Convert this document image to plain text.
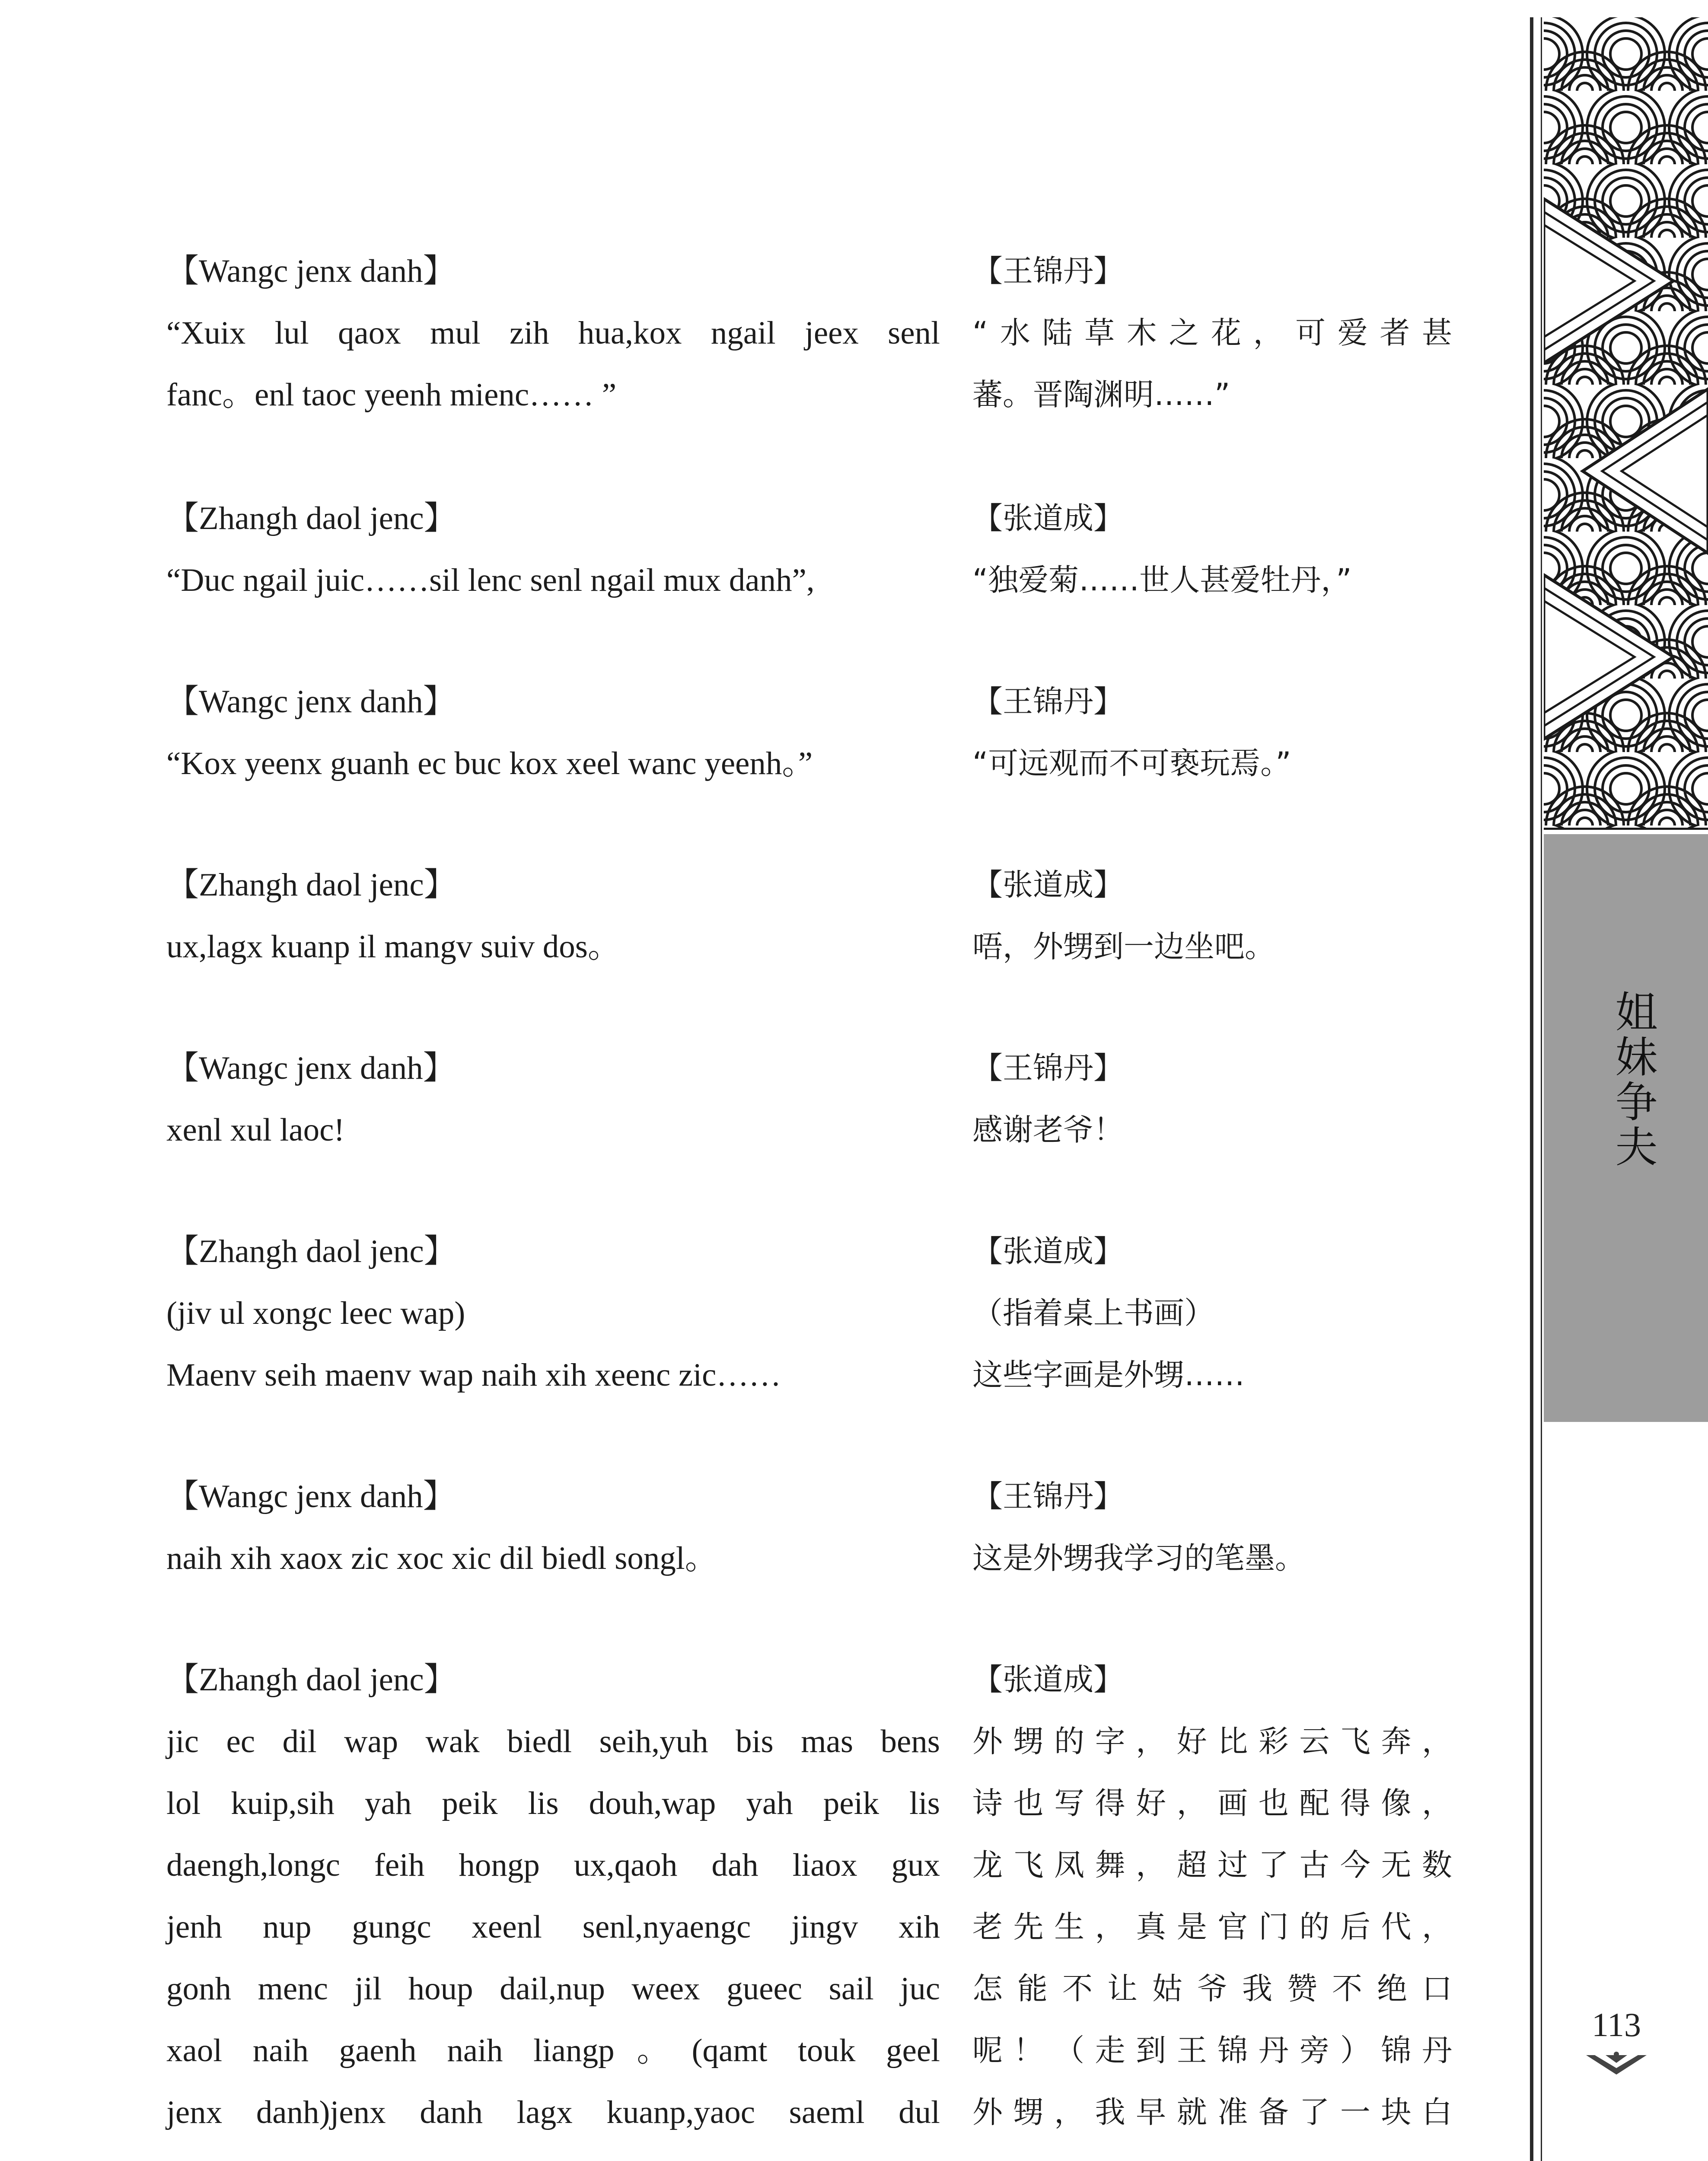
【Wangc jenx danh】
“Xuix lul qaox mul zih hua,kox ngail jeex senl
fanc。enl taoc yeenh mienc…… ”
【Zhangh daol jenc】
“Duc ngail juic……sil lenc senl ngail mux danh”,
【Wangc jenx danh】
“Kox yeenx guanh ec buc kox xeel wanc yeenh。”
【Zhangh daol jenc】
ux,lagx kuanp il mangv suiv dos。
【Wangc jenx danh】
xenl xul laoc!
【Zhangh daol jenc】
(jiv ul xongc leec wap)
Maenv seih maenv wap naih xih xeenc zic……
【Wangc jenx danh】
naih xih xaox zic xoc xic dil biedl songl。
【Zhangh daol jenc】
jic ec dil wap wak biedl seih,yuh bis mas bens
lol kuip,sih yah peik lis douh,wap yah peik lis
daengh,longc feih hongp ux,qaoh dah liaox gux
jenh nup gungc xeenl senl,nyaengc jingv xih
gonh menc jil houp dail,nup weex gueec sail juc
xaol naih gaenh naih liangp。(qamt touk geel
jenx danh)jenx danh lagx kuanp,yaoc saeml dul
【王锦丹】
“水陆草木之花，可爱者甚
蕃。晋陶渊明……”
【张道成】
“独爱菊……世人甚爱牡丹，”
【王锦丹】
“可远观而不可亵玩焉。”
【张道成】
唔，外甥到一边坐吧。
【王锦丹】
感谢老爷！
【张道成】
（指着桌上书画）
这些字画是外甥……
【王锦丹】
这是外甥我学习的笔墨。
【张道成】
外甥的字，好比彩云飞奔，
诗也写得好，画也配得像，
龙飞凤舞，超过了古今无数
老先生，真是官门的后代，
怎能不让姑爷我赞不绝口
呢！（走到王锦丹旁）锦丹
外甥，我早就准备了一块白
姐妹争夫
113
